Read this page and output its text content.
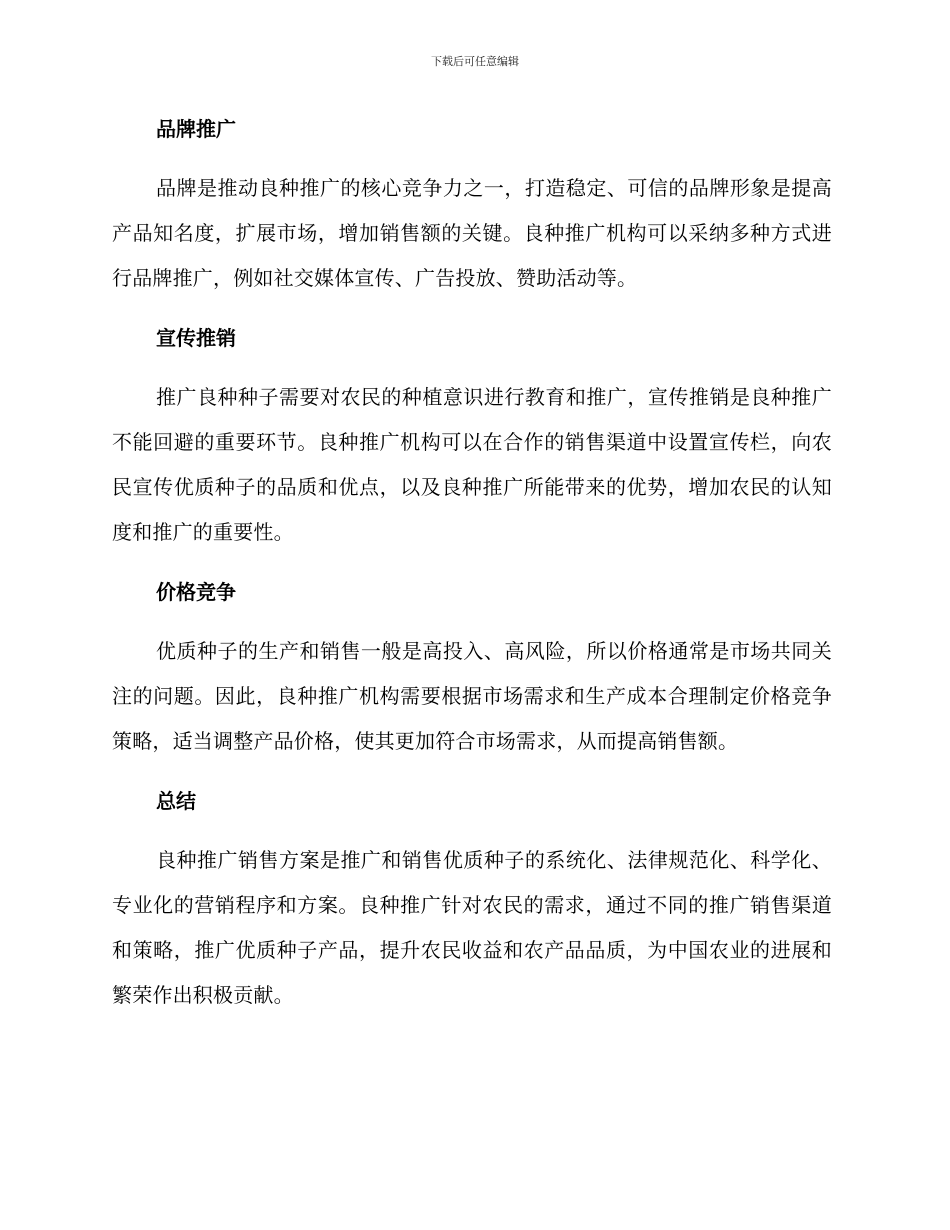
下载后可任意编辑
品牌推广

品牌是推动良种推广的核心竞争力之一，打造稳定、可信的品牌形象是提高产品知名度，扩展市场，增加销售额的关键。良种推广机构可以采纳多种方式进行品牌推广，例如社交媒体宣传、广告投放、赞助活动等。

宣传推销

推广良种种子需要对农民的种植意识进行教育和推广，宣传推销是良种推广不能回避的重要环节。良种推广机构可以在合作的销售渠道中设置宣传栏，向农民宣传优质种子的品质和优点，以及良种推广所能带来的优势，增加农民的认知度和推广的重要性。

价格竞争

优质种子的生产和销售一般是高投入、高风险，所以价格通常是市场共同关注的问题。因此，良种推广机构需要根据市场需求和生产成本合理制定价格竞争策略，适当调整产品价格，使其更加符合市场需求，从而提高销售额。

总结

良种推广销售方案是推广和销售优质种子的系统化、法律规范化、科学化、专业化的营销程序和方案。良种推广针对农民的需求，通过不同的推广销售渠道和策略，推广优质种子产品，提升农民收益和农产品品质，为中国农业的进展和繁荣作出积极贡献。
